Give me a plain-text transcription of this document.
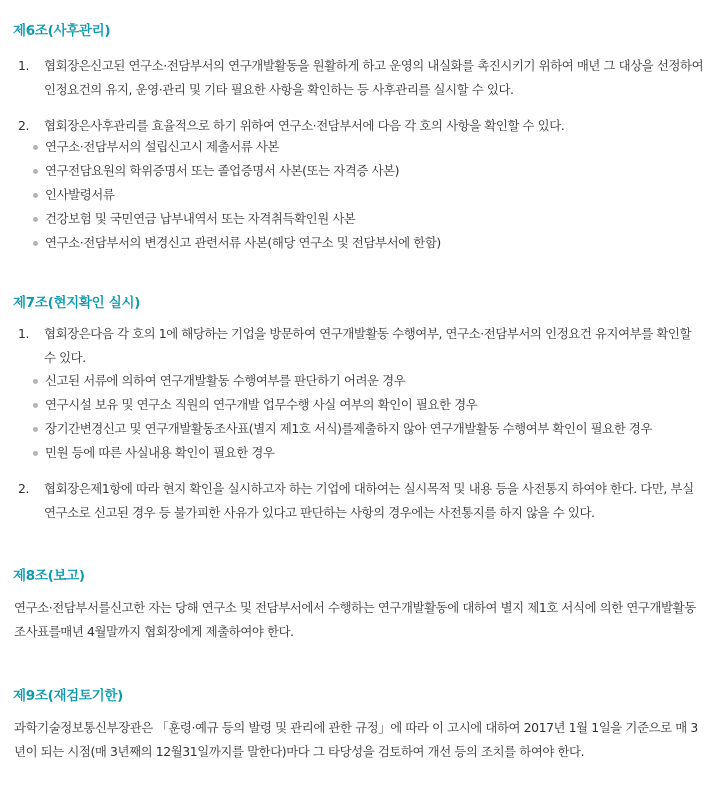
제6조(사후관리)
1. 협회장은신고된 연구소·전담부서의 연구개발활동을 원활하게 하고 운영의 내실화를 촉진시키기 위하여 매년 그 대상을 선정하여 인정요건의 유지, 운영·관리 및 기타 필요한 사항을 확인하는 등 사후관리를 실시할 수 있다.
2. 협회장은사후관리를 효율적으로 하기 위하여 연구소·전담부서에 다음 각 호의 사항을 확인할 수 있다.
연구소·전담부서의 설립신고시 제출서류 사본
연구전담요원의 학위증명서 또는 졸업증명서 사본(또는 자격증 사본)
인사발령서류
건강보험 및 국민연금 납부내역서 또는 자격취득확인원 사본
연구소·전담부서의 변경신고 관련서류 사본(해당 연구소 및 전담부서에 한함)
제7조(현지확인 실시)
1. 협회장은다음 각 호의 1에 해당하는 기업을 방문하여 연구개발활동 수행여부, 연구소·전담부서의 인정요건 유지여부를 확인할 수 있다.
신고된 서류에 의하여 연구개발활동 수행여부를 판단하기 어려운 경우
연구시설 보유 및 연구소 직원의 연구개발 업무수행 사실 여부의 확인이 필요한 경우
장기간변경신고 및 연구개발활동조사표(별지 제1호 서식)를제출하지 않아 연구개발활동 수행여부 확인이 필요한 경우
민원 등에 따른 사실내용 확인이 필요한 경우
2. 협회장은제1항에 따라 현지 확인을 실시하고자 하는 기업에 대하여는 실시목적 및 내용 등을 사전통지 하여야 한다. 다만, 부실연구소로 신고된 경우 등 불가피한 사유가 있다고 판단하는 사항의 경우에는 사전통지를 하지 않을 수 있다.
제8조(보고)
연구소·전담부서를신고한 자는 당해 연구소 및 전담부서에서 수행하는 연구개발활동에 대하여 별지 제1호 서식에 의한 연구개발활동조사표를매년 4월말까지 협회장에게 제출하여야 한다.
제9조(재검토기한)
과학기술정보통신부장관은 「훈령·예규 등의 발령 및 관리에 관한 규정」에 따라 이 고시에 대하여 2017년 1월 1일을 기준으로 매 3년이 되는 시점(매 3년째의 12월31일까지를 말한다)마다 그 타당성을 검토하여 개선 등의 조치를 하여야 한다.
